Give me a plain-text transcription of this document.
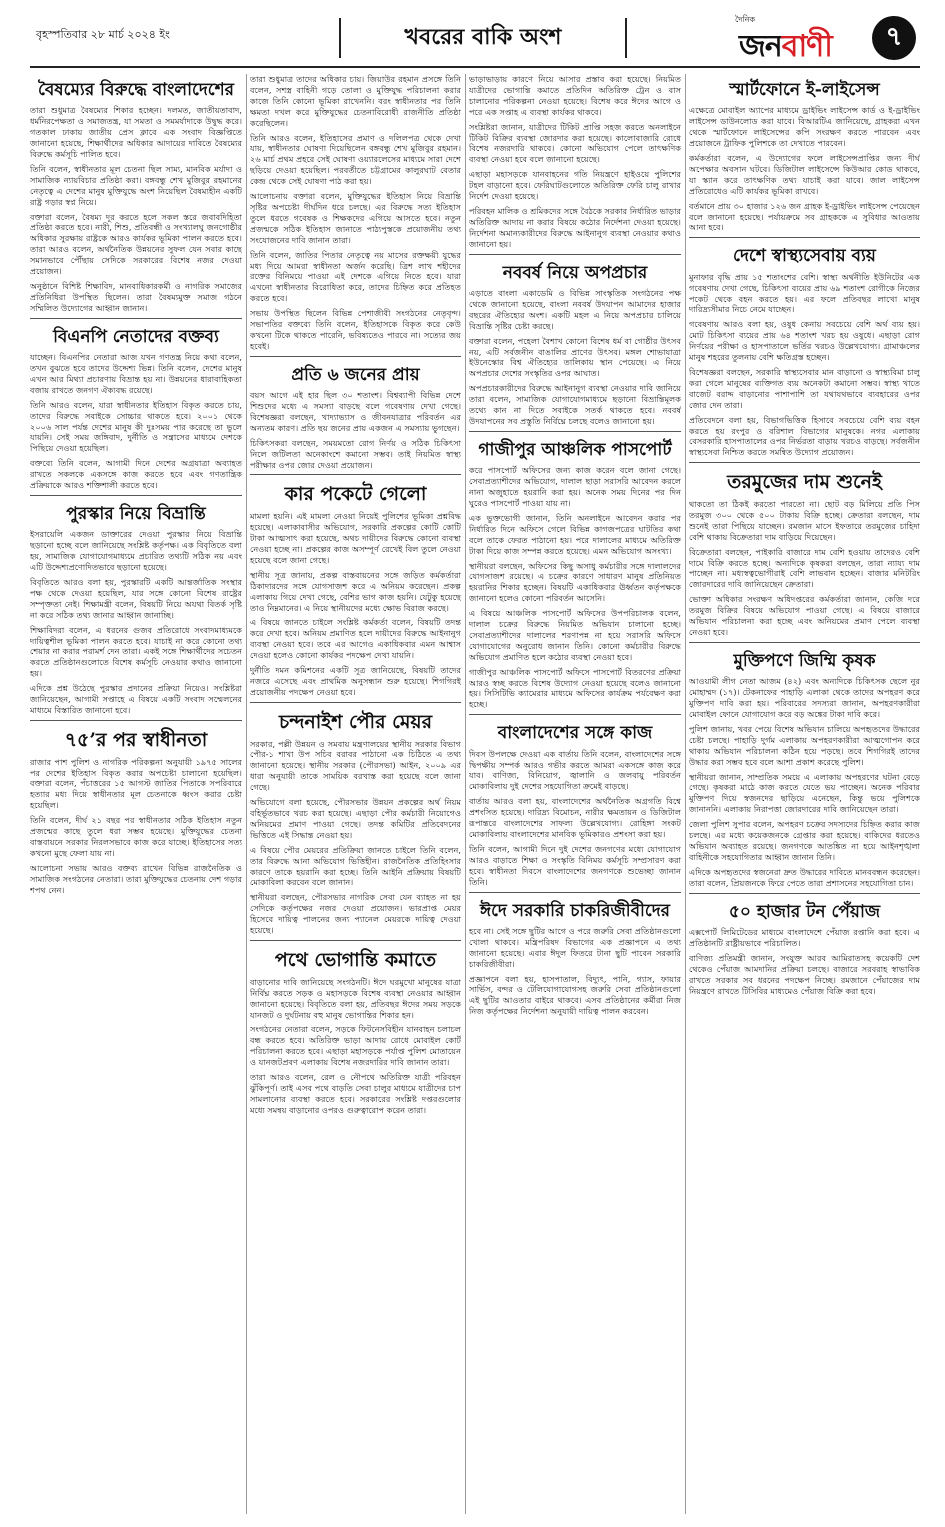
বৃহস্পতিবার ২৮ মার্চ ২০২৪ ইং	খবরের বাকি অংশ
দৈনিক
জনবাণী	৭
বৈষম্যের বিরুদ্ধে বাংলাদেশের

তারা শুধুমাত্র বৈষম্যের শিকার হচ্ছেন। দলমত, জাতীয়তাবাদ, ধর্মনিরপেক্ষতা ও সমাজতন্ত্র, যা সমতা ও সমমর্যাদাকে উদ্বুদ্ধ করে। গতকাল ঢাকায় জাতীয় প্রেস ক্লাবে এক সংবাদ বিজ্ঞপ্তিতে জানানো হয়েছে, শিক্ষার্থীদের অধিকার আদায়ের দাবিতে বৈষম্যের বিরুদ্ধে কর্মসূচি পালিত হবে।

তিনি বলেন, স্বাধীনতার মূল চেতনা ছিল সাম্য, মানবিক মর্যাদা ও সামাজিক ন্যায়বিচার প্রতিষ্ঠা করা। বঙ্গবন্ধু শেখ মুজিবুর রহমানের নেতৃত্বে এ দেশের মানুষ মুক্তিযুদ্ধে অংশ নিয়েছিল বৈষম্যহীন একটি রাষ্ট্র গড়ার স্বপ্ন নিয়ে।

বক্তারা বলেন, বৈষম্য দূর করতে হলে সকল স্তরে জবাবদিহিতা প্রতিষ্ঠা করতে হবে। নারী, শিশু, প্রতিবন্ধী ও সংখ্যালঘু জনগোষ্ঠীর অধিকার সুরক্ষায় রাষ্ট্রকে আরও কার্যকর ভূমিকা পালন করতে হবে। তারা আরও বলেন, অর্থনৈতিক উন্নয়নের সুফল যেন সবার কাছে সমানভাবে পৌঁছায় সেদিকে সরকারের বিশেষ নজর দেওয়া প্রয়োজন।

অনুষ্ঠানে বিশিষ্ট শিক্ষাবিদ, মানবাধিকারকর্মী ও নাগরিক সমাজের প্রতিনিধিরা উপস্থিত ছিলেন। তারা বৈষম্যমুক্ত সমাজ গঠনে সম্মিলিত উদ্যোগের আহ্বান জানান।

বিএনপি নেতাদের বক্তব্য

যাচ্ছেন। বিএনপির নেতারা আজ যখন গণতন্ত্র নিয়ে কথা বলেন, তখন বুঝতে হবে তাদের উদ্দেশ্য ভিন্ন। তিনি বলেন, দেশের মানুষ এখন আর মিথ্যা প্রচারণায় বিভ্রান্ত হয় না। উন্নয়নের ধারাবাহিকতা বজায় রাখতে জনগণ ঐক্যবদ্ধ রয়েছে।

তিনি আরও বলেন, যারা স্বাধীনতার ইতিহাস বিকৃত করতে চায়, তাদের বিরুদ্ধে সবাইকে সোচ্চার থাকতে হবে। ২০০১ থেকে ২০০৬ সাল পর্যন্ত দেশের মানুষ কী দুঃসময় পার করেছে তা ভুলে যায়নি। সেই সময় জঙ্গিবাদ, দুর্নীতি ও সন্ত্রাসের মাধ্যমে দেশকে পিছিয়ে দেওয়া হয়েছিল।

বক্তব্যে তিনি বলেন, আগামী দিনে দেশের অগ্রযাত্রা অব্যাহত রাখতে সকলকে একসঙ্গে কাজ করতে হবে এবং গণতান্ত্রিক প্রক্রিয়াকে আরও শক্তিশালী করতে হবে।

পুরস্কার নিয়ে বিভ্রান্তি

ইসরায়েলি একজন ডাক্তারের দেওয়া পুরস্কার নিয়ে বিভ্রান্তি ছড়ানো হচ্ছে বলে জানিয়েছে সংশ্লিষ্ট কর্তৃপক্ষ। এক বিবৃতিতে বলা হয়, সামাজিক যোগাযোগমাধ্যমে প্রচারিত তথ্যটি সঠিক নয় এবং এটি উদ্দেশ্যপ্রণোদিতভাবে ছড়ানো হয়েছে।

বিবৃতিতে আরও বলা হয়, পুরস্কারটি একটি আন্তর্জাতিক সংস্থার পক্ষ থেকে দেওয়া হয়েছিল, যার সঙ্গে কোনো বিশেষ রাষ্ট্রের সম্পৃক্ততা নেই। শিক্ষামন্ত্রী বলেন, বিষয়টি নিয়ে অযথা বিতর্ক সৃষ্টি না করে সঠিক তথ্য জানার আহ্বান জানাচ্ছি।

শিক্ষাবিদরা বলেন, এ ধরনের গুজব প্রতিরোধে সংবাদমাধ্যমকে দায়িত্বশীল ভূমিকা পালন করতে হবে। যাচাই না করে কোনো তথ্য শেয়ার না করার পরামর্শ দেন তারা। একই সঙ্গে শিক্ষার্থীদের সচেতন করতে প্রতিষ্ঠানগুলোতে বিশেষ কর্মসূচি নেওয়ার কথাও জানানো হয়।

এদিকে প্রশ্ন উঠেছে পুরস্কার প্রদানের প্রক্রিয়া নিয়েও। সংশ্লিষ্টরা জানিয়েছেন, আগামী সপ্তাহে এ বিষয়ে একটি সংবাদ সম্মেলনের মাধ্যমে বিস্তারিত জানানো হবে।

৭৫’র পর স্বাধীনতা

রাজার পাশ পুলিশ ও নাগরিক পরিকল্পনা অনুযায়ী ১৯৭৫ সালের পর দেশের ইতিহাস বিকৃত করার অপচেষ্টা চালানো হয়েছিল। বক্তারা বলেন, পঁচাত্তরের ১৫ আগস্ট জাতির পিতাকে সপরিবারে হত্যার মধ্য দিয়ে স্বাধীনতার মূল চেতনাকে ধ্বংস করার চেষ্টা হয়েছিল।

তিনি বলেন, দীর্ঘ ২১ বছর পর স্বাধীনতার সঠিক ইতিহাস নতুন প্রজন্মের কাছে তুলে ধরা সম্ভব হয়েছে। মুক্তিযুদ্ধের চেতনা বাস্তবায়নে সরকার নিরলসভাবে কাজ করে যাচ্ছে। ইতিহাসের সত্য কখনো মুছে ফেলা যায় না।

আলোচনা সভায় আরও বক্তব্য রাখেন বিভিন্ন রাজনৈতিক ও সামাজিক সংগঠনের নেতারা। তারা মুক্তিযুদ্ধের চেতনায় দেশ গড়ার শপথ নেন।

তারা শুধুমাত্র তাদের অধিকার চায়। জিয়াউর রহমান প্রসঙ্গে তিনি বলেন, সশস্ত্র বাহিনী গড়ে তোলা ও মুক্তিযুদ্ধ পরিচালনা করার কাজে তিনি কোনো ভূমিকা রাখেননি। বরং স্বাধীনতার পর তিনি ক্ষমতা দখল করে মুক্তিযুদ্ধের চেতনাবিরোধী রাজনীতি প্রতিষ্ঠা করেছিলেন।

তিনি আরও বলেন, ইতিহাসের প্রমাণ ও দলিলপত্র থেকে দেখা যায়, স্বাধীনতার ঘোষণা দিয়েছিলেন বঙ্গবন্ধু শেখ মুজিবুর রহমান। ২৬ মার্চ প্রথম প্রহরে সেই ঘোষণা ওয়্যারলেসের মাধ্যমে সারা দেশে ছড়িয়ে দেওয়া হয়েছিল। পরবর্তীতে চট্টগ্রামের কালুরঘাট বেতার কেন্দ্র থেকে সেই ঘোষণা পাঠ করা হয়।

আলোচনায় বক্তারা বলেন, মুক্তিযুদ্ধের ইতিহাস নিয়ে বিভ্রান্তি সৃষ্টির অপচেষ্টা দীর্ঘদিন ধরে চলছে। এর বিরুদ্ধে সত্য ইতিহাস তুলে ধরতে গবেষক ও শিক্ষকদের এগিয়ে আসতে হবে। নতুন প্রজন্মকে সঠিক ইতিহাস জানাতে পাঠ্যপুস্তকে প্রয়োজনীয় তথ্য সংযোজনের দাবি জানান তারা।

তিনি বলেন, জাতির পিতার নেতৃত্বে নয় মাসের রক্তক্ষয়ী যুদ্ধের মধ্য দিয়ে আমরা স্বাধীনতা অর্জন করেছি। ত্রিশ লাখ শহীদের রক্তের বিনিময়ে পাওয়া এই দেশকে এগিয়ে নিতে হবে। যারা এখনো স্বাধীনতার বিরোধিতা করে, তাদের চিহ্নিত করে প্রতিহত করতে হবে।

সভায় উপস্থিত ছিলেন বিভিন্ন পেশাজীবী সংগঠনের নেতৃবৃন্দ। সভাপতির বক্তব্যে তিনি বলেন, ইতিহাসকে বিকৃত করে কেউ কখনো টিকে থাকতে পারেনি, ভবিষ্যতেও পারবে না। সত্যের জয় হবেই।

প্রতি ৬ জনের প্রায়

বয়স আগে এই হার ছিল ৩০ শতাংশ। বিশ্বব্যাপী বিভিন্ন দেশে শিশুদের মধ্যে এ সমস্যা বাড়ছে বলে গবেষণায় দেখা গেছে। বিশেষজ্ঞরা বলছেন, খাদ্যাভ্যাস ও জীবনযাত্রার পরিবর্তন এর অন্যতম কারণ। প্রতি ছয় জনের প্রায় একজন এ সমস্যায় ভুগছেন।

চিকিৎসকরা বলছেন, সময়মতো রোগ নির্ণয় ও সঠিক চিকিৎসা নিলে জটিলতা অনেকাংশে কমানো সম্ভব। তাই নিয়মিত স্বাস্থ্য পরীক্ষার ওপর জোর দেওয়া প্রয়োজন।

কার পকেটে গেলো

মামলা হয়নি। এই মামলা নেওয়া নিয়েই পুলিশের ভূমিকা প্রশ্নবিদ্ধ হয়েছে। এলাকাবাসীর অভিযোগ, সরকারি প্রকল্পের কোটি কোটি টাকা আত্মসাৎ করা হয়েছে, অথচ দায়ীদের বিরুদ্ধে কোনো ব্যবস্থা নেওয়া হচ্ছে না। প্রকল্পের কাজ অসম্পূর্ণ রেখেই বিল তুলে নেওয়া হয়েছে বলে জানা গেছে।

স্থানীয় সূত্র জানায়, প্রকল্প বাস্তবায়নের সঙ্গে জড়িত কর্মকর্তারা ঠিকাদারদের সঙ্গে যোগসাজশ করে এ অনিয়ম করেছেন। প্রকল্প এলাকায় গিয়ে দেখা গেছে, বেশির ভাগ কাজ হয়নি। যেটুকু হয়েছে তাও নিম্নমানের। এ নিয়ে স্থানীয়দের মধ্যে ক্ষোভ বিরাজ করছে।

এ বিষয়ে জানতে চাইলে সংশ্লিষ্ট কর্মকর্তা বলেন, বিষয়টি তদন্ত করে দেখা হবে। অনিয়ম প্রমাণিত হলে দায়ীদের বিরুদ্ধে আইনানুগ ব্যবস্থা নেওয়া হবে। তবে এর আগেও একাধিকবার এমন আশ্বাস দেওয়া হলেও কোনো কার্যকর পদক্ষেপ দেখা যায়নি।

দুর্নীতি দমন কমিশনের একটি সূত্র জানিয়েছে, বিষয়টি তাদের নজরে এসেছে এবং প্রাথমিক অনুসন্ধান শুরু হয়েছে। শিগগিরই প্রয়োজনীয় পদক্ষেপ নেওয়া হবে।

চন্দনাইশ পৌর মেয়র

সরকার, পল্লী উন্নয়ন ও সমবায় মন্ত্রণালয়ের স্থানীয় সরকার বিভাগ পৌর-১ শাখা উপ সচিব বরাবর পাঠানো এক চিঠিতে এ তথ্য জানানো হয়েছে। স্থানীয় সরকার (পৌরসভা) আইন, ২০০৯ এর ধারা অনুযায়ী তাকে সাময়িক বরখাস্ত করা হয়েছে বলে জানা গেছে।

অভিযোগে বলা হয়েছে, পৌরসভার উন্নয়ন প্রকল্পের অর্থ নিয়ম বহির্ভূতভাবে খরচ করা হয়েছে। এছাড়া পৌর কর্মচারী নিয়োগেও অনিয়মের প্রমাণ পাওয়া গেছে। তদন্ত কমিটির প্রতিবেদনের ভিত্তিতে এই সিদ্ধান্ত নেওয়া হয়।

এ বিষয়ে পৌর মেয়রের প্রতিক্রিয়া জানতে চাইলে তিনি বলেন, তার বিরুদ্ধে আনা অভিযোগ ভিত্তিহীন। রাজনৈতিক প্রতিহিংসার কারণে তাকে হয়রানি করা হচ্ছে। তিনি আইনি প্রক্রিয়ায় বিষয়টি মোকাবিলা করবেন বলে জানান।

স্থানীয়রা বলছেন, পৌরসভার নাগরিক সেবা যেন ব্যাহত না হয় সেদিকে কর্তৃপক্ষের নজর দেওয়া প্রয়োজন। ভারপ্রাপ্ত মেয়র হিসেবে দায়িত্ব পালনের জন্য প্যানেল মেয়রকে দায়িত্ব দেওয়া হয়েছে।

পথে ভোগান্তি কমাতে

বাড়ানোর দাবি জানিয়েছে সংগঠনটি। ঈদে ঘরমুখো মানুষের যাত্রা নির্বিঘ্ন করতে সড়ক ও মহাসড়কে বিশেষ ব্যবস্থা নেওয়ার আহ্বান জানানো হয়েছে। বিবৃতিতে বলা হয়, প্রতিবছর ঈদের সময় সড়কে যানজট ও দুর্ঘটনায় বহু মানুষ ভোগান্তির শিকার হন।

সংগঠনের নেতারা বলেন, সড়কে ফিটনেসবিহীন যানবাহন চলাচল বন্ধ করতে হবে। অতিরিক্ত ভাড়া আদায় রোধে মোবাইল কোর্ট পরিচালনা করতে হবে। এছাড়া মহাসড়কে পর্যাপ্ত পুলিশ মোতায়েন ও যানজটপ্রবণ এলাকায় বিশেষ নজরদারির দাবি জানান তারা।

তারা আরও বলেন, রেল ও নৌপথে অতিরিক্ত যাত্রী পরিবহন ঝুঁকিপূর্ণ। তাই এসব পথে বাড়তি সেবা চালুর মাধ্যমে যাত্রীদের চাপ সামলানোর ব্যবস্থা করতে হবে। সরকারের সংশ্লিষ্ট দপ্তরগুলোর মধ্যে সমন্বয় বাড়ানোর ওপরও গুরুত্বারোপ করেন তারা।

ভাড়াভাড়ায় কারণে নিয়ে আসার প্রস্তাব করা হয়েছে। নিয়মিত যাত্রীদের ভোগান্তি কমাতে প্রতিদিন অতিরিক্ত ট্রেন ও বাস চালানোর পরিকল্পনা নেওয়া হয়েছে। বিশেষ করে ঈদের আগে ও পরে এক সপ্তাহ এ ব্যবস্থা কার্যকর থাকবে।

সংশ্লিষ্টরা জানান, যাত্রীদের টিকিট প্রাপ্তি সহজ করতে অনলাইনে টিকিট বিক্রির ব্যবস্থা জোরদার করা হয়েছে। কালোবাজারি রোধে বিশেষ নজরদারি থাকবে। কোনো অভিযোগ পেলে তাৎক্ষণিক ব্যবস্থা নেওয়া হবে বলে জানানো হয়েছে।

এছাড়া মহাসড়কে যানবাহনের গতি নিয়ন্ত্রণে হাইওয়ে পুলিশের টহল বাড়ানো হবে। ফেরিঘাটগুলোতে অতিরিক্ত ফেরি চালু রাখার নির্দেশ দেওয়া হয়েছে।

পরিবহন মালিক ও শ্রমিকদের সঙ্গে বৈঠকে সরকার নির্ধারিত ভাড়ার অতিরিক্ত আদায় না করার বিষয়ে কঠোর নির্দেশনা দেওয়া হয়েছে। নির্দেশনা অমান্যকারীদের বিরুদ্ধে আইনানুগ ব্যবস্থা নেওয়ার কথাও জানানো হয়।

নববর্ষ নিয়ে অপপ্রচার

এড়াতে বাংলা একাডেমি ও বিভিন্ন সাংস্কৃতিক সংগঠনের পক্ষ থেকে জানানো হয়েছে, বাংলা নববর্ষ উদযাপন আমাদের হাজার বছরের ঐতিহ্যের অংশ। একটি মহল এ নিয়ে অপপ্রচার চালিয়ে বিভ্রান্তি সৃষ্টির চেষ্টা করছে।

বক্তারা বলেন, পহেলা বৈশাখ কোনো বিশেষ ধর্ম বা গোষ্ঠীর উৎসব নয়, এটি সর্বজনীন বাঙালির প্রাণের উৎসব। মঙ্গল শোভাযাত্রা ইউনেস্কোর বিশ্ব ঐতিহ্যের তালিকায় স্থান পেয়েছে। এ নিয়ে অপপ্রচার দেশের সংস্কৃতির ওপর আঘাত।

অপপ্রচারকারীদের বিরুদ্ধে আইনানুগ ব্যবস্থা নেওয়ার দাবি জানিয়ে তারা বলেন, সামাজিক যোগাযোগমাধ্যমে ছড়ানো বিভ্রান্তিমূলক তথ্যে কান না দিতে সবাইকে সতর্ক থাকতে হবে। নববর্ষ উদযাপনের সব প্রস্তুতি নির্বিঘ্নে চলছে বলেও জানানো হয়।

গাজীপুর আঞ্চলিক পাসপোর্ট

করে পাসপোর্ট অফিসের জন্য কাজ করেন বলে জানা গেছে। সেবাপ্রত্যাশীদের অভিযোগ, দালাল ছাড়া সরাসরি আবেদন করলে নানা অজুহাতে হয়রানি করা হয়। অনেক সময় দিনের পর দিন ঘুরেও পাসপোর্ট পাওয়া যায় না।

এক ভুক্তভোগী জানান, তিনি অনলাইনে আবেদন করার পর নির্ধারিত দিনে অফিসে গেলে বিভিন্ন কাগজপত্রের ঘাটতির কথা বলে তাকে ফেরত পাঠানো হয়। পরে দালালের মাধ্যমে অতিরিক্ত টাকা দিয়ে কাজ সম্পন্ন করতে হয়েছে। এমন অভিযোগ অসংখ্য।

স্থানীয়রা বলছেন, অফিসের কিছু অসাধু কর্মচারীর সঙ্গে দালালদের যোগসাজশ রয়েছে। এ চক্রের কারণে সাধারণ মানুষ প্রতিনিয়ত হয়রানির শিকার হচ্ছেন। বিষয়টি একাধিকবার ঊর্ধ্বতন কর্তৃপক্ষকে জানানো হলেও কোনো পরিবর্তন আসেনি।

এ বিষয়ে আঞ্চলিক পাসপোর্ট অফিসের উপপরিচালক বলেন, দালাল চক্রের বিরুদ্ধে নিয়মিত অভিযান চালানো হচ্ছে। সেবাপ্রত্যাশীদের দালালের শরণাপন্ন না হয়ে সরাসরি অফিসে যোগাযোগের অনুরোধ জানান তিনি। কোনো কর্মচারীর বিরুদ্ধে অভিযোগ প্রমাণিত হলে কঠোর ব্যবস্থা নেওয়া হবে।

গাজীপুর আঞ্চলিক পাসপোর্ট অফিসে পাসপোর্ট বিতরণের প্রক্রিয়া আরও স্বচ্ছ করতে বিশেষ উদ্যোগ নেওয়া হয়েছে বলেও জানানো হয়। সিসিটিভি ক্যামেরার মাধ্যমে অফিসের কার্যক্রম পর্যবেক্ষণ করা হচ্ছে।

বাংলাদেশের সঙ্গে কাজ

দিবস উপলক্ষে দেওয়া এক বার্তায় তিনি বলেন, বাংলাদেশের সঙ্গে দ্বিপক্ষীয় সম্পর্ক আরও গভীর করতে আমরা একসঙ্গে কাজ করে যাব। বাণিজ্য, বিনিয়োগ, জ্বালানি ও জলবায়ু পরিবর্তন মোকাবিলায় দুই দেশের সহযোগিতা ক্রমেই বাড়ছে।

বার্তায় আরও বলা হয়, বাংলাদেশের অর্থনৈতিক অগ্রগতি বিশ্বে প্রশংসিত হয়েছে। দারিদ্র্য বিমোচন, নারীর ক্ষমতায়ন ও ডিজিটাল রূপান্তরে বাংলাদেশের সাফল্য উল্লেখযোগ্য। রোহিঙ্গা সংকট মোকাবিলায় বাংলাদেশের মানবিক ভূমিকারও প্রশংসা করা হয়।

তিনি বলেন, আগামী দিনে দুই দেশের জনগণের মধ্যে যোগাযোগ আরও বাড়াতে শিক্ষা ও সংস্কৃতি বিনিময় কর্মসূচি সম্প্রসারণ করা হবে। স্বাধীনতা দিবসে বাংলাদেশের জনগণকে শুভেচ্ছা জানান তিনি।

ঈদে সরকারি চাকরিজীবীদের

হবে না। সেই সঙ্গে ছুটির আগে ও পরে জরুরি সেবা প্রতিষ্ঠানগুলো খোলা থাকবে। মন্ত্রিপরিষদ বিভাগের এক প্রজ্ঞাপনে এ তথ্য জানানো হয়েছে। এবার ঈদুল ফিতরে টানা ছুটি পাবেন সরকারি চাকরিজীবীরা।

প্রজ্ঞাপনে বলা হয়, হাসপাতাল, বিদ্যুৎ, পানি, গ্যাস, ফায়ার সার্ভিস, বন্দর ও টেলিযোগাযোগসহ জরুরি সেবা প্রতিষ্ঠানগুলো এই ছুটির আওতার বাইরে থাকবে। এসব প্রতিষ্ঠানের কর্মীরা নিজ নিজ কর্তৃপক্ষের নির্দেশনা অনুযায়ী দায়িত্ব পালন করবেন।

স্মার্টফোনে ই-লাইসেন্স

এক্ষেত্রে মোবাইল অ্যাপের মাধ্যমে ড্রাইভিং লাইসেন্স কার্ড ও ই-ড্রাইভিং লাইসেন্স ডাউনলোড করা যাবে। বিআরটিএ জানিয়েছে, গ্রাহকরা এখন থেকে স্মার্টফোনে লাইসেন্সের কপি সংরক্ষণ করতে পারবেন এবং প্রয়োজনে ট্রাফিক পুলিশকে তা দেখাতে পারবেন।

কর্মকর্তারা বলেন, এ উদ্যোগের ফলে লাইসেন্সপ্রাপ্তির জন্য দীর্ঘ অপেক্ষার অবসান ঘটবে। ডিজিটাল লাইসেন্সে কিউআর কোড থাকবে, যা স্ক্যান করে তাৎক্ষণিক তথ্য যাচাই করা যাবে। জাল লাইসেন্স প্রতিরোধেও এটি কার্যকর ভূমিকা রাখবে।

বর্তমানে প্রায় ৩০ হাজার ১২৬ জন গ্রাহক ই-ড্রাইভিং লাইসেন্স পেয়েছেন বলে জানানো হয়েছে। পর্যায়ক্রমে সব গ্রাহককে এ সুবিধার আওতায় আনা হবে।

দেশে স্বাস্থ্যসেবায় ব্যয়

মুনাফার বৃদ্ধি প্রায় ১৫ শতাংশের বেশি। স্বাস্থ্য অর্থনীতি ইউনিটের এক গবেষণায় দেখা গেছে, চিকিৎসা ব্যয়ের প্রায় ৬৯ শতাংশ রোগীকে নিজের পকেট থেকে বহন করতে হয়। এর ফলে প্রতিবছর লাখো মানুষ দারিদ্র্যসীমার নিচে নেমে যাচ্ছেন।

গবেষণায় আরও বলা হয়, ওষুধ কেনায় সবচেয়ে বেশি অর্থ ব্যয় হয়। মোট চিকিৎসা ব্যয়ের প্রায় ৬৪ শতাংশ খরচ হয় ওষুধে। এছাড়া রোগ নির্ণয়ের পরীক্ষা ও হাসপাতালে ভর্তির খরচও উল্লেখযোগ্য। গ্রামাঞ্চলের মানুষ শহরের তুলনায় বেশি ক্ষতিগ্রস্ত হচ্ছেন।

বিশেষজ্ঞরা বলছেন, সরকারি স্বাস্থ্যসেবার মান বাড়ানো ও স্বাস্থ্যবিমা চালু করা গেলে মানুষের ব্যক্তিগত ব্যয় অনেকটা কমানো সম্ভব। স্বাস্থ্য খাতে বাজেট বরাদ্দ বাড়ানোর পাশাপাশি তা যথাযথভাবে ব্যবহারের ওপর জোর দেন তারা।

প্রতিবেদনে বলা হয়, বিভাগভিত্তিক হিসাবে সবচেয়ে বেশি ব্যয় বহন করতে হয় রংপুর ও বরিশাল বিভাগের মানুষকে। নগর এলাকায় বেসরকারি হাসপাতালের ওপর নির্ভরতা বাড়ায় খরচও বাড়ছে। সর্বজনীন স্বাস্থ্যসেবা নিশ্চিত করতে সমন্বিত উদ্যোগ প্রয়োজন।

তরমুজের দাম শুনেই

থাকতো তা ঠিকই করতো পারতো না। ছোট বড় মিলিয়ে প্রতি পিস তরমুজ ৩০০ থেকে ৫০০ টাকায় বিক্রি হচ্ছে। ক্রেতারা বলছেন, দাম শুনেই তারা পিছিয়ে যাচ্ছেন। রমজান মাসে ইফতারে তরমুজের চাহিদা বেশি থাকায় বিক্রেতারা দাম বাড়িয়ে দিয়েছেন।

বিক্রেতারা বলছেন, পাইকারি বাজারে দাম বেশি হওয়ায় তাদেরও বেশি দামে বিক্রি করতে হচ্ছে। অন্যদিকে কৃষকরা বলছেন, তারা ন্যায্য দাম পাচ্ছেন না। মধ্যস্বত্বভোগীরাই বেশি লাভবান হচ্ছেন। বাজার মনিটরিং জোরদারের দাবি জানিয়েছেন ক্রেতারা।

ভোক্তা অধিকার সংরক্ষণ অধিদপ্তরের কর্মকর্তারা জানান, কেজি দরে তরমুজ বিক্রির বিষয়ে অভিযোগ পাওয়া গেছে। এ বিষয়ে বাজারে অভিযান পরিচালনা করা হচ্ছে এবং অনিয়মের প্রমাণ পেলে ব্যবস্থা নেওয়া হবে।

মুক্তিপণে জিম্মি কৃষক

আওয়ামী লীগ নেতা আজম (৪২) এবং অন্যদিকে চিকিৎসক ছেলে নুর মোহাম্মদ (১৭)। টেকনাফের পাহাড়ি এলাকা থেকে তাদের অপহরণ করে মুক্তিপণ দাবি করা হয়। পরিবারের সদস্যরা জানান, অপহরণকারীরা মোবাইল ফোনে যোগাযোগ করে বড় অঙ্কের টাকা দাবি করে।

পুলিশ জানায়, খবর পেয়ে বিশেষ অভিযান চালিয়ে অপহৃতদের উদ্ধারের চেষ্টা চলছে। পাহাড়ি দুর্গম এলাকায় অপহরণকারীরা আত্মগোপন করে থাকায় অভিযান পরিচালনা কঠিন হয়ে পড়ছে। তবে শিগগিরই তাদের উদ্ধার করা সম্ভব হবে বলে আশা প্রকাশ করেছে পুলিশ।

স্থানীয়রা জানান, সাম্প্রতিক সময়ে এ এলাকায় অপহরণের ঘটনা বেড়ে গেছে। কৃষকরা মাঠে কাজ করতে যেতে ভয় পাচ্ছেন। অনেক পরিবার মুক্তিপণ দিয়ে স্বজনদের ছাড়িয়ে এনেছেন, কিন্তু ভয়ে পুলিশকে জানাননি। এলাকায় নিরাপত্তা জোরদারের দাবি জানিয়েছেন তারা।

জেলা পুলিশ সুপার বলেন, অপহরণ চক্রের সদস্যদের চিহ্নিত করার কাজ চলছে। এর মধ্যে কয়েকজনকে গ্রেপ্তার করা হয়েছে। বাকিদের ধরতেও অভিযান অব্যাহত রয়েছে। জনগণকে আতঙ্কিত না হয়ে আইনশৃঙ্খলা বাহিনীকে সহযোগিতার আহ্বান জানান তিনি।

এদিকে অপহৃতদের স্বজনেরা দ্রুত উদ্ধারের দাবিতে মানববন্ধন করেছেন। তারা বলেন, প্রিয়জনকে ফিরে পেতে তারা প্রশাসনের সহযোগিতা চান।

৫০ হাজার টন পেঁয়াজ

এক্সপোর্ট লিমিটেডের মাধ্যমে বাংলাদেশে পেঁয়াজ রপ্তানি করা হবে। এ প্রতিষ্ঠানটি রাষ্ট্রীয়ভাবে পরিচালিত।

বাণিজ্য প্রতিমন্ত্রী জানান, সংযুক্ত আরব আমিরাতসহ কয়েকটি দেশ থেকেও পেঁয়াজ আমদানির প্রক্রিয়া চলছে। বাজারে সরবরাহ স্বাভাবিক রাখতে সরকার সব ধরনের পদক্ষেপ নিচ্ছে। রমজানে পেঁয়াজের দাম নিয়ন্ত্রণে রাখতে টিসিবির মাধ্যমেও পেঁয়াজ বিক্রি করা হবে।
